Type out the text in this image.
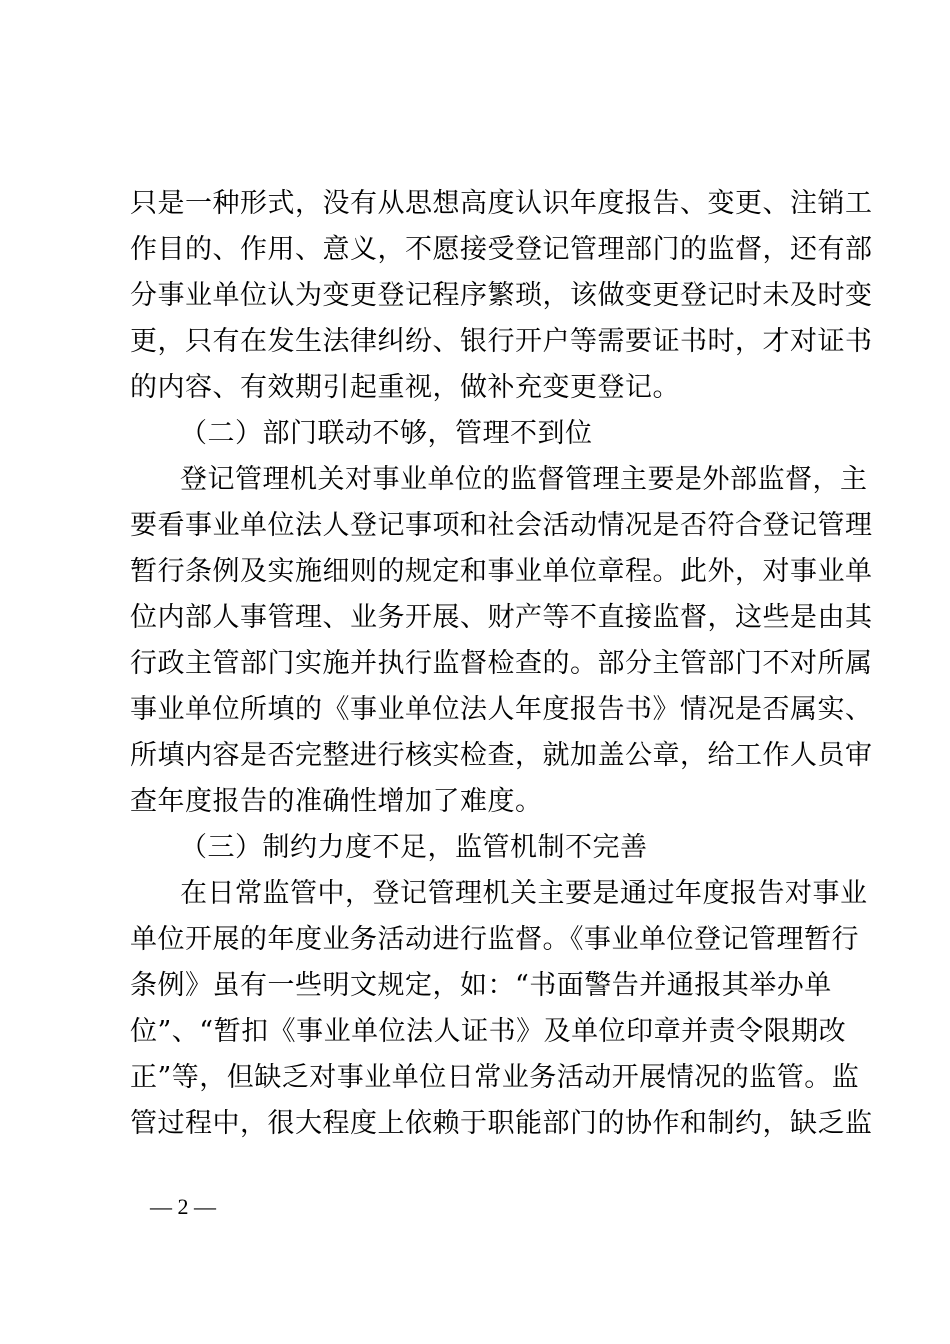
只是一种形式，没有从思想高度认识年度报告、变更、注销工
作目的、作用、意义，不愿接受登记管理部门的监督，还有部
分事业单位认为变更登记程序繁琐，该做变更登记时未及时变
更，只有在发生法律纠纷、银行开户等需要证书时，才对证书
的内容、有效期引起重视，做补充变更登记。
（二）部门联动不够，管理不到位
登记管理机关对事业单位的监督管理主要是外部监督，主
要看事业单位法人登记事项和社会活动情况是否符合登记管理
暂行条例及实施细则的规定和事业单位章程。此外，对事业单
位内部人事管理、业务开展、财产等不直接监督，这些是由其
行政主管部门实施并执行监督检查的。部分主管部门不对所属
事业单位所填的《事业单位法人年度报告书》情况是否属实、
所填内容是否完整进行核实检查，就加盖公章，给工作人员审
查年度报告的准确性增加了难度。
（三）制约力度不足，监管机制不完善
在日常监管中，登记管理机关主要是通过年度报告对事业
单位开展的年度业务活动进行监督。《事业单位登记管理暂行
条例》虽有一些明文规定，如：“书面警告并通报其举办单
位”、“暂扣《事业单位法人证书》及单位印章并责令限期改
正”等，但缺乏对事业单位日常业务活动开展情况的监管。监
管过程中，很大程度上依赖于职能部门的协作和制约，缺乏监
— 2 —
